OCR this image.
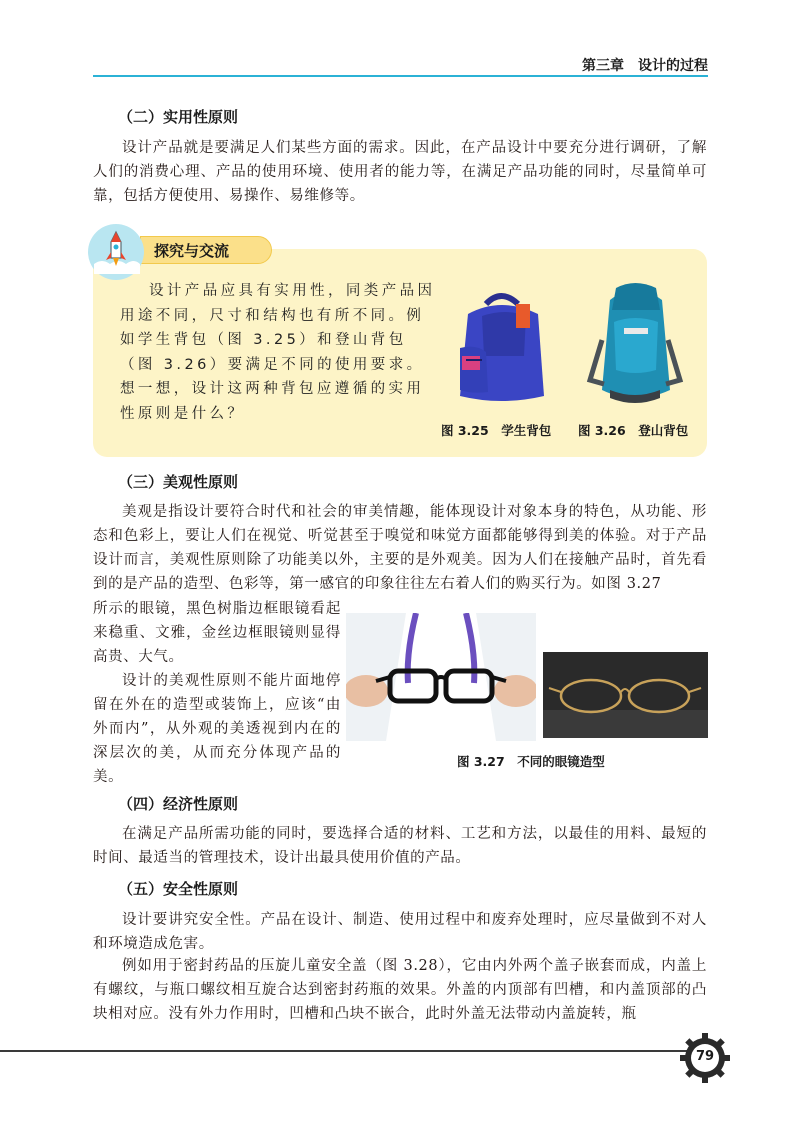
第三章　设计的过程
（二）实用性原则

设计产品就是要满足人们某些方面的需求。因此，在产品设计中要充分进行调研，了解人们的消费心理、产品的使用环境、使用者的能力等，在满足产品功能的同时，尽量简单可靠，包括方便使用、易操作、易维修等。

探究与交流

设计产品应具有实用性，同类产品因用途不同，尺寸和结构也有所不同。例如学生背包（图 3.25）和登山背包（图 3.26）要满足不同的使用要求。想一想，设计这两种背包应遵循的实用性原则是什么？

图 3.25　学生背包 图 3.26　登山背包
（三）美观性原则

美观是指设计要符合时代和社会的审美情趣，能体现设计对象本身的特色，从功能、形态和色彩上，要让人们在视觉、听觉甚至于嗅觉和味觉方面都能够得到美的体验。对于产品设计而言，美观性原则除了功能美以外，主要的是外观美。因为人们在接触产品时，首先看到的是产品的造型、色彩等，第一感官的印象往往左右着人们的购买行为。如图 3.27

所示的眼镜，黑色树脂边框眼镜看起来稳重、文雅，金丝边框眼镜则显得高贵、大气。

设计的美观性原则不能片面地停留在外在的造型或装饰上，应该“由外而内”，从外观的美透视到内在的深层次的美，从而充分体现产品的美。

图 3.27　不同的眼镜造型
（四）经济性原则

在满足产品所需功能的同时，要选择合适的材料、工艺和方法，以最佳的用料、最短的时间、最适当的管理技术，设计出最具使用价值的产品。

（五）安全性原则

设计要讲究安全性。产品在设计、制造、使用过程中和废弃处理时，应尽量做到不对人和环境造成危害。

例如用于密封药品的压旋儿童安全盖（图 3.28），它由内外两个盖子嵌套而成，内盖上有螺纹，与瓶口螺纹相互旋合达到密封药瓶的效果。外盖的内顶部有凹槽，和内盖顶部的凸块相对应。没有外力作用时，凹槽和凸块不嵌合，此时外盖无法带动内盖旋转，瓶

79
